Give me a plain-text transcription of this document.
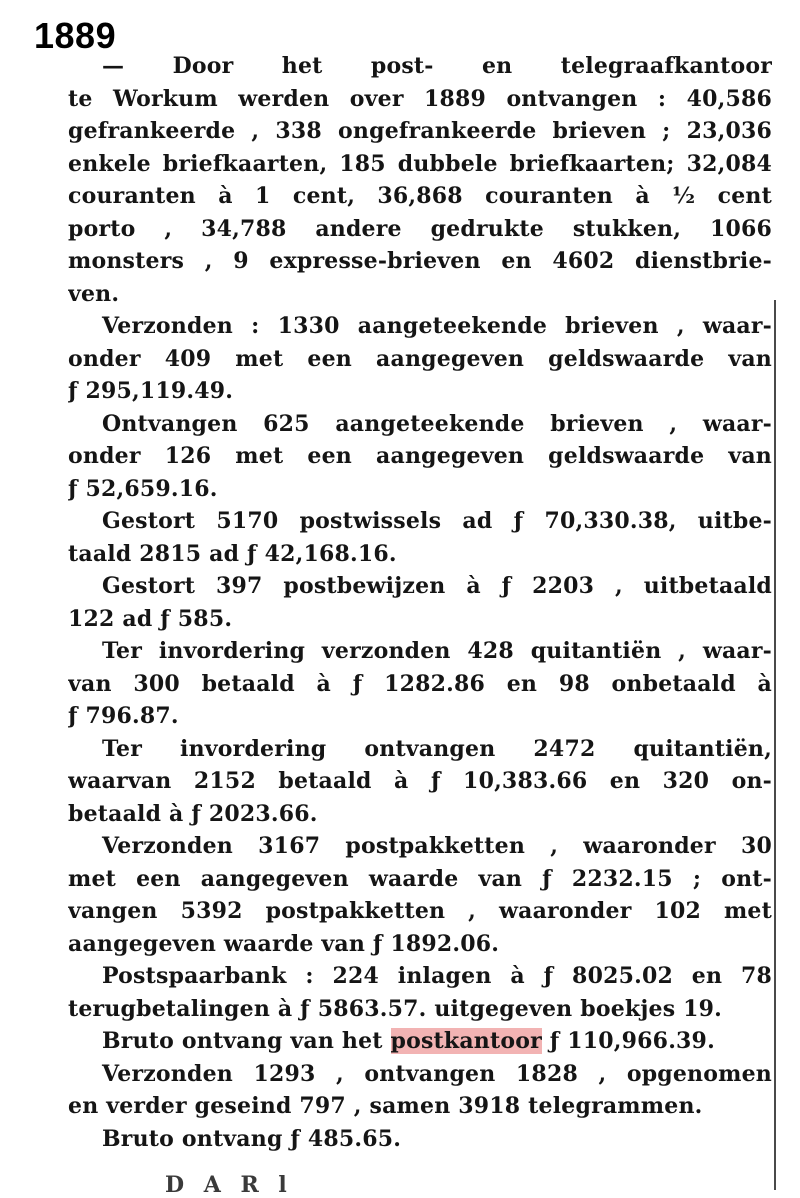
1889
— Door het post- en telegraafkantoor
te Workum werden over 1889 ontvangen : 40,586
gefrankeerde , 338 ongefrankeerde brieven ; 23,036
enkele briefkaarten, 185 dubbele briefkaarten; 32,084
couranten à 1 cent, 36,868 couranten à ½ cent
porto , 34,788 andere gedrukte stukken, 1066
monsters , 9 expresse-brieven en 4602 dienstbrie-
ven.
Verzonden : 1330 aangeteekende brieven , waar-
onder 409 met een aangegeven geldswaarde van
ƒ 295,119.49.
Ontvangen 625 aangeteekende brieven , waar-
onder 126 met een aangegeven geldswaarde van
ƒ 52,659.16.
Gestort 5170 postwissels ad ƒ 70,330.38, uitbe-
taald 2815 ad ƒ 42,168.16.
Gestort 397 postbewijzen à ƒ 2203 , uitbetaald
122 ad ƒ 585.
Ter invordering verzonden 428 quitantiën , waar-
van 300 betaald à ƒ 1282.86 en 98 onbetaald à
ƒ 796.87.
Ter invordering ontvangen 2472 quitantiën,
waarvan 2152 betaald à ƒ 10,383.66 en 320 on-
betaald à ƒ 2023.66.
Verzonden 3167 postpakketten , waaronder 30
met een aangegeven waarde van ƒ 2232.15 ; ont-
vangen 5392 postpakketten , waaronder 102 met
aangegeven waarde van ƒ 1892.06.
Postspaarbank : 224 inlagen à ƒ 8025.02 en 78
terugbetalingen à ƒ 5863.57. uitgegeven boekjes 19.
Bruto ontvang van het postkantoor ƒ 110,966.39.
Verzonden 1293 , ontvangen 1828 , opgenomen
en verder geseind 797 , samen 3918 telegrammen.
Bruto ontvang ƒ 485.65.
D A R l
